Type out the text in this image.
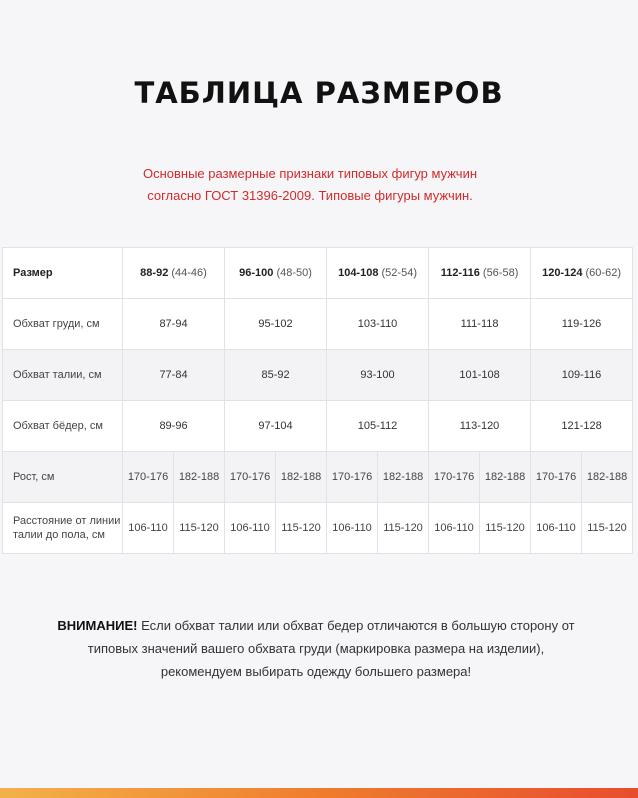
ТАБЛИЦА РАЗМЕРОВ
Основные размерные признаки типовых фигур мужчин
согласно ГОСТ 31396-2009. Типовые фигуры мужчин.
Размер	88-92 (44-46)		96-100 (48-50)		104-108 (52-54)		112-116 (56-58)		120-124 (60-62)	
Обхват груди, см	87-94		95-102		103-110		111-118		119-126	
Обхват талии, см	77-84		85-92		93-100		101-108		109-116	
Обхват бёдер, см	89-96		97-104		105-112		113-120		121-128	
Рост, см	170-176	182-188	170-176	182-188	170-176	182-188	170-176	182-188	170-176	182-188
Расстояние от линии талии до пола, см	106-110	115-120	106-110	115-120	106-110	115-120	106-110	115-120	106-110	115-120
ВНИМАНИЕ! Если обхват талии или обхват бедер отличаются в большую сторону от
типовых значений вашего обхвата груди (маркировка размера на изделии),
рекомендуем выбирать одежду большего размера!
